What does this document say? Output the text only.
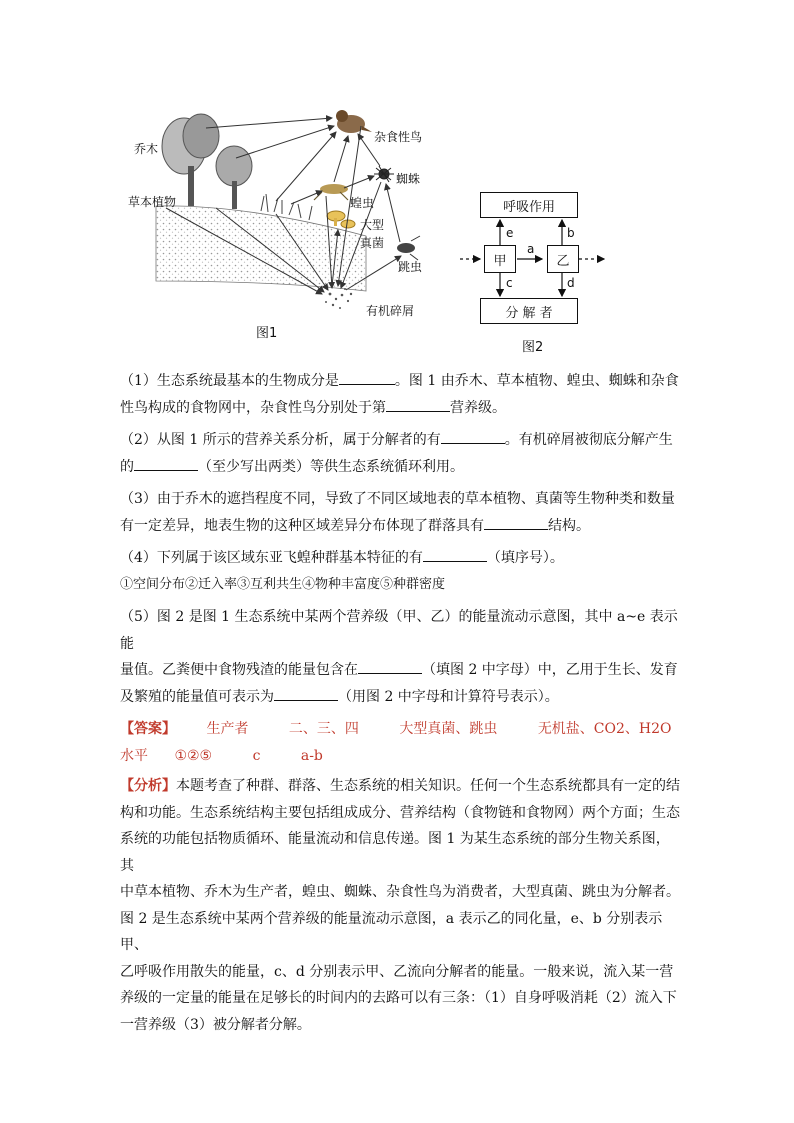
乔木
草本植物
杂食性鸟
蜘蛛
蝗虫
大型
真菌
跳虫
有机碎屑
图1
呼吸作用
甲	乙
分 解 者
e	b
a
c	d
图2
（1）生态系统最基本的生物成分是	。图 1 由乔木、草本植物、蝗虫、蜘蛛和杂食
性鸟构成的食物网中，杂食性鸟分别处于第	营养级。
（2）从图 1 所示的营养关系分析，属于分解者的有	。有机碎屑被彻底分解产生
的	（至少写出两类）等供生态系统循环利用。
（3）由于乔木的遮挡程度不同，导致了不同区域地表的草本植物、真菌等生物种类和数量
有一定差异，地表生物的这种区域差异分布体现了群落具有	结构。
（4）下列属于该区域东亚飞蝗种群基本特征的有	（填序号）。
①空间分布②迁入率③互利共生④物种丰富度⑤种群密度
（5）图 2 是图 1 生态系统中某两个营养级（甲、乙）的能量流动示意图，其中 a~e 表示能
量值。乙粪便中食物残渣的能量包含在	（填图 2 中字母）中，乙用于生长、发育
及繁殖的能量值可表示为	（用图 2 中字母和计算符号表示）。
【答案】 生产者	二、三、四	大型真菌、跳虫	无机盐、CO2、H2O
水平 ①②⑤	c	a-b
【分析】本题考查了种群、群落、生态系统的相关知识。任何一个生态系统都具有一定的结
构和功能。生态系统结构主要包括组成成分、营养结构（食物链和食物网）两个方面；生态
系统的功能包括物质循环、能量流动和信息传递。图 1 为某生态系统的部分生物关系图，其
中草本植物、乔木为生产者，蝗虫、蜘蛛、杂食性鸟为消费者，大型真菌、跳虫为分解者。
图 2 是生态系统中某两个营养级的能量流动示意图，a 表示乙的同化量，e、b 分别表示甲、
乙呼吸作用散失的能量，c、d 分别表示甲、乙流向分解者的能量。一般来说，流入某一营
养级的一定量的能量在足够长的时间内的去路可以有三条：（1）自身呼吸消耗（2）流入下
一营养级（3）被分解者分解。
